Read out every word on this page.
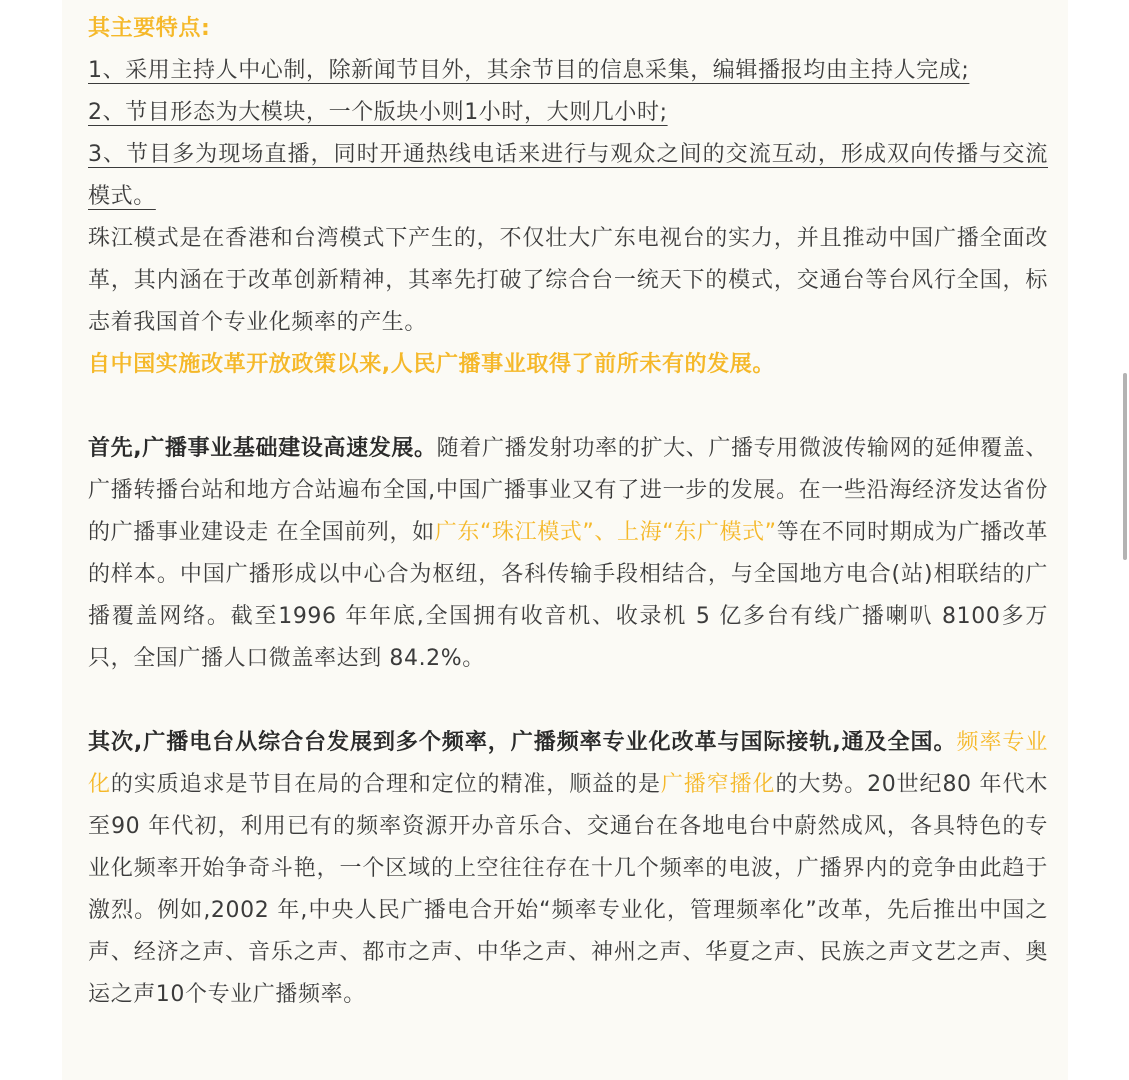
其主要特点:

1、采用主持人中心制，除新闻节目外，其余节目的信息采集，编辑播报均由主持人完成;

2、节目形态为大模块，一个版块小则1小时，大则几小时;

3、节目多为现场直播，同时开通热线电话来进行与观众之间的交流互动，形成双向传播与交流模式。

珠江模式是在香港和台湾模式下产生的，不仅壮大广东电视台的实力，并且推动中国广播全面改革，其内涵在于改革创新精神，其率先打破了综合台一统天下的模式，交通台等台风行全国，标志着我国首个专业化频率的产生。

自中国实施改革开放政策以来,人民广播事业取得了前所未有的发展。

首先,广播事业基础建设高速发展。随着广播发射功率的扩大、广播专用微波传输网的延伸覆盖、广播转播台站和地方合站遍布全国,中国广播事业又有了进一步的发展。在一些沿海经济发达省份的广播事业建设走 在全国前列，如广东“珠江模式”、上海“东广模式”等在不同时期成为广播改革的样本。中国广播形成以中心合为枢纽，各科传输手段相结合，与全国地方电合(站)相联结的广播覆盖网络。截至1996 年年底,全国拥有收音机、收录机 5 亿多台有线广播喇叭 8100多万只，全国广播人口微盖率达到 84.2%。

其次,广播电台从综合台发展到多个频率，广播频率专业化改革与国际接轨,通及全国。频率专业化的实质追求是节目在局的合理和定位的精准，顺益的是广播窄播化的大势。20世纪80 年代木至90 年代初，利用已有的频率资源开办音乐合、交通台在各地电台中蔚然成风，各具特色的专业化频率开始争奇斗艳，一个区域的上空往往存在十几个频率的电波，广播界内的竞争由此趋于激烈。例如,2002 年,中央人民广播电合开始“频率专业化，管理频率化”改革，先后推出中国之声、经济之声、音乐之声、都市之声、中华之声、神州之声、华夏之声、民族之声文艺之声、奥运之声10个专业广播频率。
